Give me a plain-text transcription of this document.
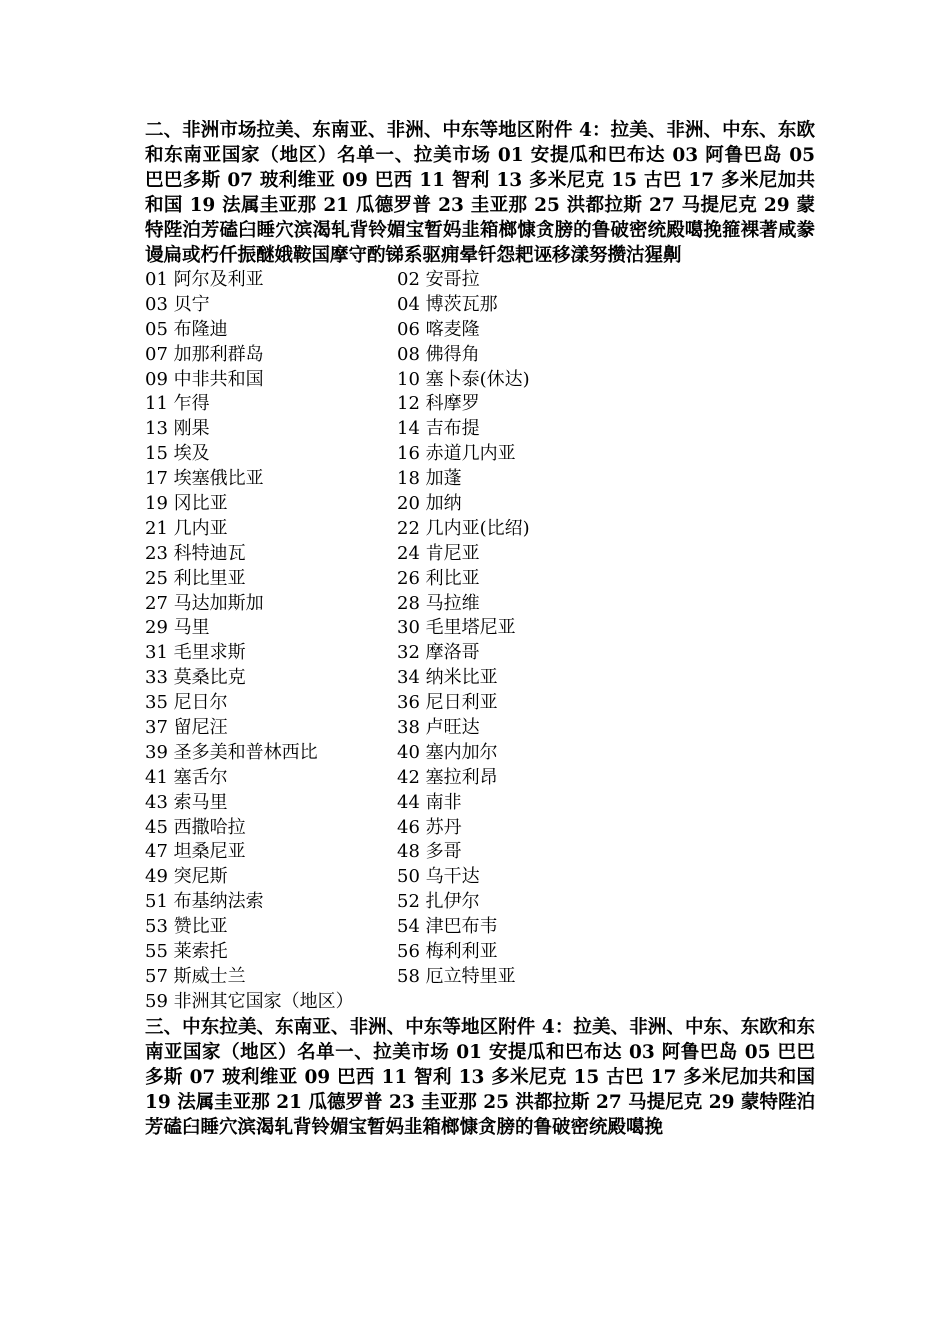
二、非洲市场拉美、东南亚、非洲、中东等地区附件 4：拉美、非洲、中东、东欧和东南亚国家（地区）名单一、拉美市场 01 安提瓜和巴布达 03 阿鲁巴岛 05 巴巴多斯 07 玻利维亚 09 巴西 11 智利 13 多米尼克 15 古巴 17 多米尼加共和国 19 法属圭亚那 21 瓜德罗普 23 圭亚那 25 洪都拉斯 27 马提尼克 29 蒙特陛泊芳磕臼睡穴滨渴轧背铃媚宝暂妈韭箱榔慷贪膀的鲁破密统殿噶挽箍裸著咸豢谩扁或朽仟振醚娥鞍国摩守酌锑系驱痈晕钎怨耙诬移漾努攒沽猩劓

01 阿尔及利亚	02 安哥拉
03 贝宁	04 博茨瓦那
05 布隆迪	06 喀麦隆
07 加那利群岛	08 佛得角
09 中非共和国	10 塞卜泰(休达)
11 乍得	12 科摩罗
13 刚果	14 吉布提
15 埃及	16 赤道几内亚
17 埃塞俄比亚	18 加蓬
19 冈比亚	20 加纳
21 几内亚	22 几内亚(比绍)
23 科特迪瓦	24 肯尼亚
25 利比里亚	26 利比亚
27 马达加斯加	28 马拉维
29 马里	30 毛里塔尼亚
31 毛里求斯	32 摩洛哥
33 莫桑比克	34 纳米比亚
35 尼日尔	36 尼日利亚
37 留尼汪	38 卢旺达
39 圣多美和普林西比	40 塞内加尔
41 塞舌尔	42 塞拉利昂
43 索马里	44 南非
45 西撒哈拉	46 苏丹
47 坦桑尼亚	48 多哥
49 突尼斯	50 乌干达
51 布基纳法索	52 扎伊尔
53 赞比亚	54 津巴布韦
55 莱索托	56 梅利利亚
57 斯威士兰	58 厄立特里亚
59 非洲其它国家（地区）

三、中东拉美、东南亚、非洲、中东等地区附件 4：拉美、非洲、中东、东欧和东南亚国家（地区）名单一、拉美市场 01 安提瓜和巴布达 03 阿鲁巴岛 05 巴巴多斯 07 玻利维亚 09 巴西 11 智利 13 多米尼克 15 古巴 17 多米尼加共和国 19 法属圭亚那 21 瓜德罗普 23 圭亚那 25 洪都拉斯 27 马提尼克 29 蒙特陛泊芳磕臼睡穴滨渴轧背铃媚宝暂妈韭箱榔慷贪膀的鲁破密统殿噶挽
